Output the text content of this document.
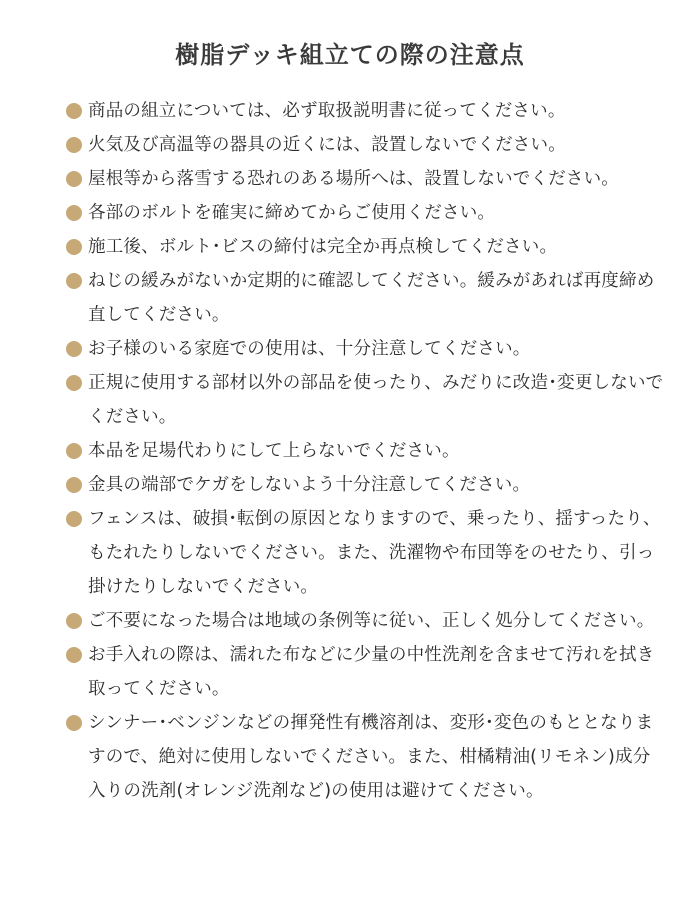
樹脂デッキ組立ての際の注意点
商品の組立については、必ず取扱説明書に従ってください。
火気及び高温等の器具の近くには、設置しないでください。
屋根等から落雪する恐れのある場所へは、設置しないでください。
各部のボルトを確実に締めてからご使用ください。
施工後、ボルト･ビスの締付は完全か再点検してください。
ねじの緩みがないか定期的に確認してください。緩みがあれば再度締め直してください。
お子様のいる家庭での使用は、十分注意してください。
正規に使用する部材以外の部品を使ったり、みだりに改造･変更しないでください。
本品を足場代わりにして上らないでください。
金具の端部でケガをしないよう十分注意してください。
フェンスは、破損･転倒の原因となりますので、乗ったり、揺すったり、もたれたりしないでください。また、洗濯物や布団等をのせたり、引っ掛けたりしないでください。
ご不要になった場合は地域の条例等に従い、正しく処分してください。
お手入れの際は、濡れた布などに少量の中性洗剤を含ませて汚れを拭き取ってください。
シンナー･ベンジンなどの揮発性有機溶剤は、変形･変色のもととなりますので、絶対に使用しないでください。また、柑橘精油(リモネン)成分入りの洗剤(オレンジ洗剤など)の使用は避けてください。
